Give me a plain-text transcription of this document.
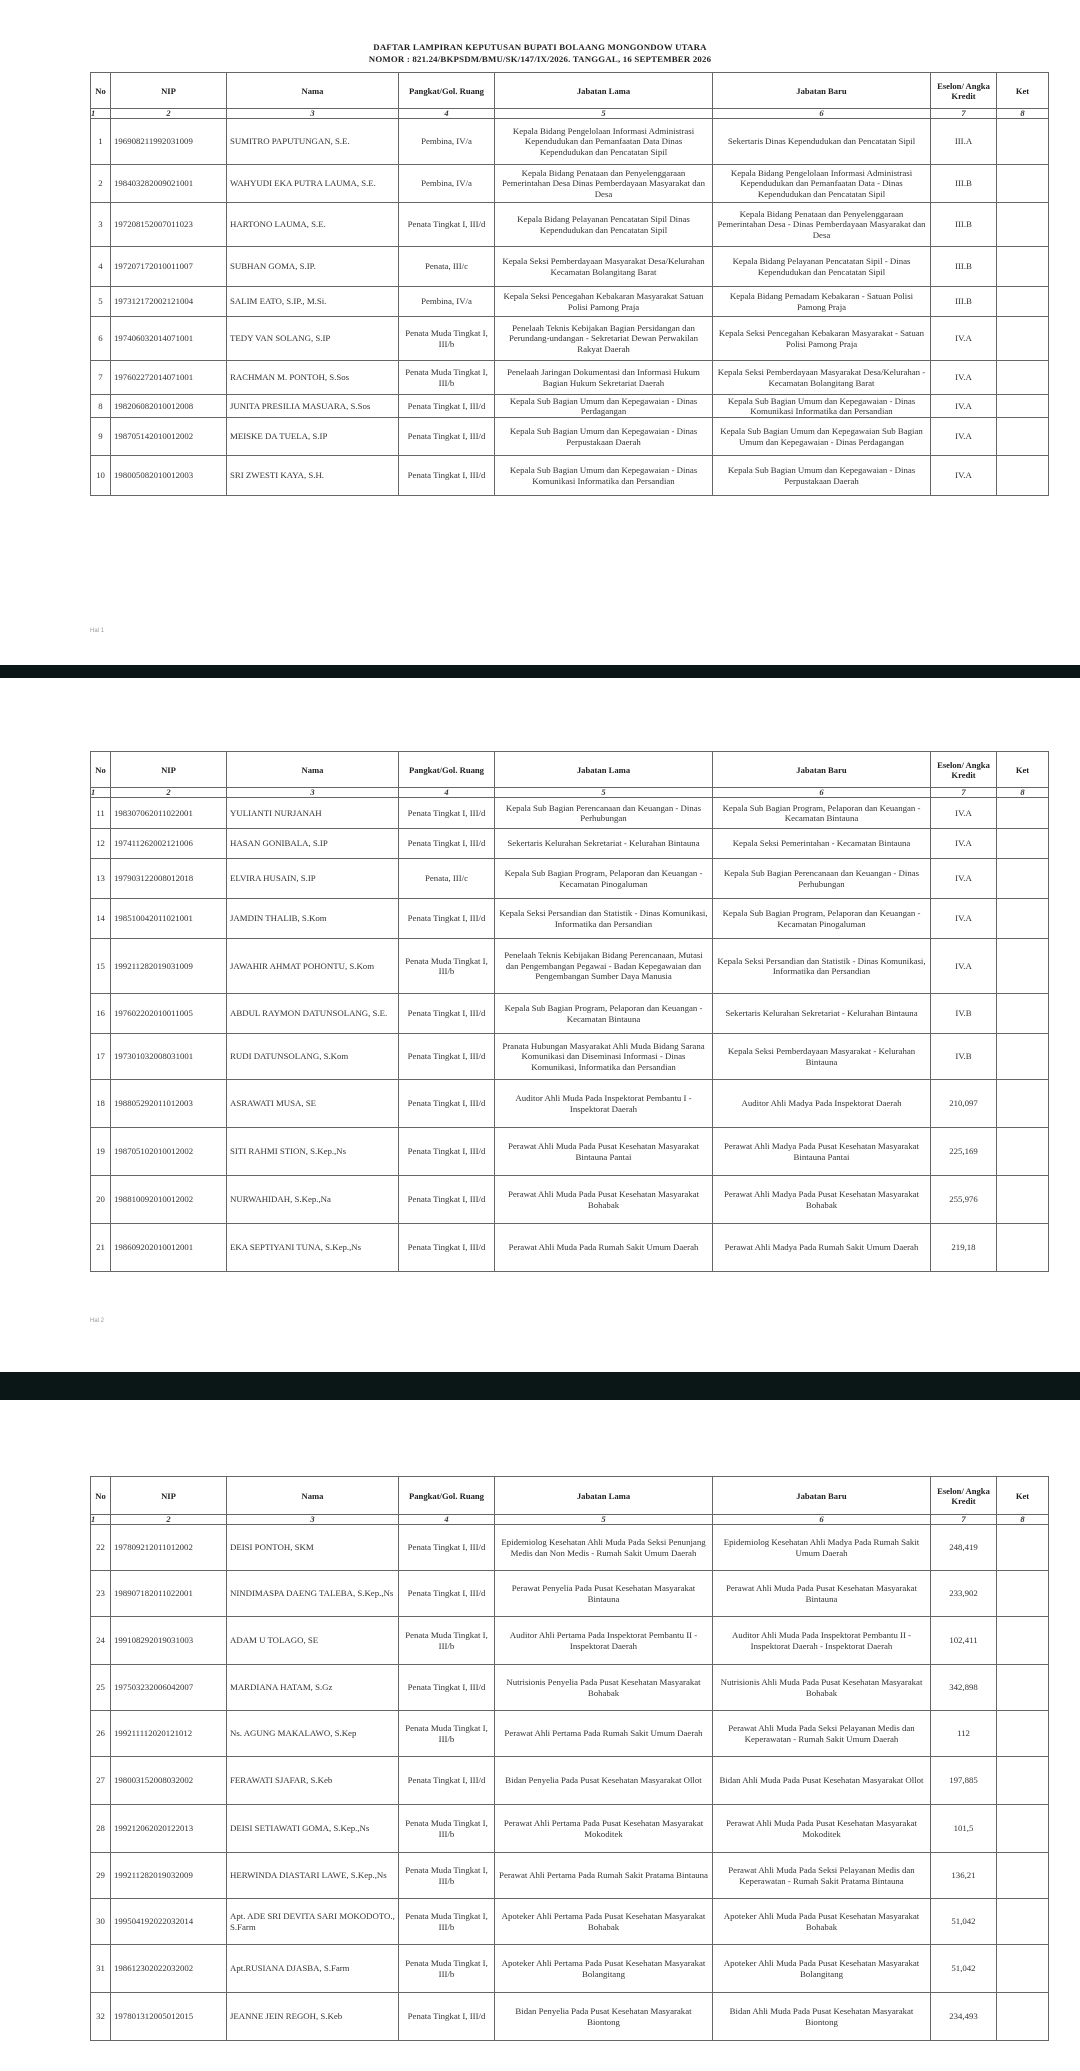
DAFTAR LAMPIRAN KEPUTUSAN BUPATI BOLAANG MONGONDOW UTARA
NOMOR : 821.24/BKPSDM/BMU/SK/147/IX/2026. TANGGAL, 16 SEPTEMBER 2026
No	NIP	Nama	Pangkat/Gol. Ruang	Jabatan Lama	Jabatan Baru	Eselon/ Angka Kredit	Ket
1	2	3	4	5	6	7	8
1	196908211992031009	SUMITRO PAPUTUNGAN, S.E.	Pembina, IV/a	Kepala Bidang Pengelolaan Informasi Administrasi Kependudukan dan Pemanfaatan Data Dinas Kependudukan dan Pencatatan Sipil	Sekertaris Dinas Kependudukan dan Pencatatan Sipil	III.A	
2	198403282009021001	WAHYUDI EKA PUTRA LAUMA, S.E.	Pembina, IV/a	Kepala Bidang Penataan dan Penyelenggaraan Pemerintahan Desa Dinas Pemberdayaan Masyarakat dan Desa	Kepala Bidang Pengelolaan Informasi Administrasi Kependudukan dan Pemanfaatan Data - Dinas Kependudukan dan Pencatatan Sipil	III.B	
3	197208152007011023	HARTONO LAUMA, S.E.	Penata Tingkat I, III/d	Kepala Bidang Pelayanan Pencatatan Sipil Dinas Kependudukan dan Pencatatan Sipil	Kepala Bidang Penataan dan Penyelenggaraan Pemerintahan Desa - Dinas Pemberdayaan Masyarakat dan Desa	III.B	
4	197207172010011007	SUBHAN GOMA, S.IP.	Penata, III/c	Kepala Seksi Pemberdayaan Masyarakat Desa/Kelurahan Kecamatan Bolangitang Barat	Kepala Bidang Pelayanan Pencatatan Sipil - Dinas Kependudukan dan Pencatatan Sipil	III.B	
5	197312172002121004	SALIM EATO, S.IP., M.Si.	Pembina, IV/a	Kepala Seksi Pencegahan Kebakaran Masyarakat Satuan Polisi Pamong Praja	Kepala Bidang Pemadam Kebakaran - Satuan Polisi Pamong Praja	III.B	
6	197406032014071001	TEDY VAN SOLANG, S.IP	Penata Muda Tingkat I, III/b	Penelaah Teknis Kebijakan Bagian Persidangan dan Perundang-undangan - Sekretariat Dewan Perwakilan Rakyat Daerah	Kepala Seksi Pencegahan Kebakaran Masyarakat - Satuan Polisi Pamong Praja	IV.A	
7	197602272014071001	RACHMAN M. PONTOH, S.Sos	Penata Muda Tingkat I, III/b	Penelaah Jaringan Dokumentasi dan Informasi Hukum Bagian Hukum Sekretariat Daerah	Kepala Seksi Pemberdayaan Masyarakat Desa/Kelurahan - Kecamatan Bolangitang Barat	IV.A	
8	198206082010012008	JUNITA PRESILIA MASUARA, S.Sos	Penata Tingkat I, III/d	Kepala Sub Bagian Umum dan Kepegawaian - Dinas Perdagangan	Kepala Sub Bagian Umum dan Kepegawaian - Dinas Komunikasi Informatika dan Persandian	IV.A	
9	198705142010012002	MEISKE DA TUELA, S.IP	Penata Tingkat I, III/d	Kepala Sub Bagian Umum dan Kepegawaian - Dinas Perpustakaan Daerah	Kepala Sub Bagian Umum dan Kepegawaian Sub Bagian Umum dan Kepegawaian - Dinas Perdagangan	IV.A	
10	198005082010012003	SRI ZWESTI KAYA, S.H.	Penata Tingkat I, III/d	Kepala Sub Bagian Umum dan Kepegawaian - Dinas Komunikasi Informatika dan Persandian	Kepala Sub Bagian Umum dan Kepegawaian - Dinas Perpustakaan Daerah	IV.A	
Hal 1
No	NIP	Nama	Pangkat/Gol. Ruang	Jabatan Lama	Jabatan Baru	Eselon/ Angka Kredit	Ket
1	2	3	4	5	6	7	8
11	198307062011022001	YULIANTI NURJANAH	Penata Tingkat I, III/d	Kepala Sub Bagian Perencanaan dan Keuangan - Dinas Perhubungan	Kepala Sub Bagian Program, Pelaporan dan Keuangan - Kecamatan Bintauna	IV.A	
12	197411262002121006	HASAN GONIBALA, S.IP	Penata Tingkat I, III/d	Sekertaris Kelurahan Sekretariat - Kelurahan Bintauna	Kepala Seksi Pemerintahan - Kecamatan Bintauna	IV.A	
13	197903122008012018	ELVIRA HUSAIN, S.IP	Penata, III/c	Kepala Sub Bagian Program, Pelaporan dan Keuangan - Kecamatan Pinogaluman	Kepala Sub Bagian Perencanaan dan Keuangan - Dinas Perhubungan	IV.A	
14	198510042011021001	JAMDIN THALIB, S.Kom	Penata Tingkat I, III/d	Kepala Seksi Persandian dan Statistik - Dinas Komunikasi, Informatika dan Persandian	Kepala Sub Bagian Program, Pelaporan dan Keuangan - Kecamatan Pinogaluman	IV.A	
15	199211282019031009	JAWAHIR AHMAT POHONTU, S.Kom	Penata Muda Tingkat I, III/b	Penelaah Teknis Kebijakan Bidang Perencanaan, Mutasi dan Pengembangan Pegawai - Badan Kepegawaian dan Pengembangan Sumber Daya Manusia	Kepala Seksi Persandian dan Statistik - Dinas Komunikasi, Informatika dan Persandian	IV.A	
16	197602202010011005	ABDUL RAYMON DATUNSOLANG, S.E.	Penata Tingkat I, III/d	Kepala Sub Bagian Program, Pelaporan dan Keuangan - Kecamatan Bintauna	Sekertaris Kelurahan Sekretariat - Kelurahan Bintauna	IV.B	
17	197301032008031001	RUDI DATUNSOLANG, S.Kom	Penata Tingkat I, III/d	Pranata Hubungan Masyarakat Ahli Muda Bidang Sarana Komunikasi dan Diseminasi Informasi - Dinas Komunikasi, Informatika dan Persandian	Kepala Seksi Pemberdayaan Masyarakat - Kelurahan Bintauna	IV.B	
18	198805292011012003	ASRAWATI MUSA, SE	Penata Tingkat I, III/d	Auditor Ahli Muda Pada Inspektorat Pembantu I - Inspektorat Daerah	Auditor Ahli Madya Pada Inspektorat Daerah	210,097	
19	198705102010012002	SITI RAHMI STION, S.Kep.,Ns	Penata Tingkat I, III/d	Perawat Ahli Muda Pada Pusat Kesehatan Masyarakat Bintauna Pantai	Perawat Ahli Madya Pada Pusat Kesehatan Masyarakat Bintauna Pantai	225,169	
20	198810092010012002	NURWAHIDAH, S.Kep.,Na	Penata Tingkat I, III/d	Perawat Ahli Muda Pada Pusat Kesehatan Masyarakat Bohabak	Perawat Ahli Madya Pada Pusat Kesehatan Masyarakat Bohabak	255,976	
21	198609202010012001	EKA SEPTIYANI TUNA, S.Kep.,Ns	Penata Tingkat I, III/d	Perawat Ahli Muda Pada Rumah Sakit Umum Daerah	Perawat Ahli Madya Pada Rumah Sakit Umum Daerah	219,18	
Hal 2
No	NIP	Nama	Pangkat/Gol. Ruang	Jabatan Lama	Jabatan Baru	Eselon/ Angka Kredit	Ket
1	2	3	4	5	6	7	8
22	197809212011012002	DEISI PONTOH, SKM	Penata Tingkat I, III/d	Epidemiolog Kesehatan Ahli Muda Pada Seksi Penunjang Medis dan Non Medis - Rumah Sakit Umum Daerah	Epidemiolog Kesehatan Ahli Madya Pada Rumah Sakit Umum Daerah	248,419	
23	198907182011022001	NINDIMASPA DAENG TALEBA, S.Kep.,Ns	Penata Tingkat I, III/d	Perawat Penyelia Pada Pusat Kesehatan Masyarakat Bintauna	Perawat Ahli Muda Pada Pusat Kesehatan Masyarakat Bintauna	233,902	
24	199108292019031003	ADAM U TOLAGO, SE	Penata Muda Tingkat I, III/b	Auditor Ahli Pertama Pada Inspektorat Pembantu II - Inspektorat Daerah	Auditor Ahli Muda Pada Inspektorat Pembantu II - Inspektorat Daerah - Inspektorat Daerah	102,411	
25	197503232006042007	MARDIANA HATAM, S.Gz	Penata Tingkat I, III/d	Nutrisionis Penyelia Pada Pusat Kesehatan Masyarakat Bohabak	Nutrisionis Ahli Muda Pada Pusat Kesehatan Masyarakat Bohabak	342,898	
26	199211112020121012	Ns. AGUNG MAKALAWO, S.Kep	Penata Muda Tingkat I, III/b	Perawat Ahli Pertama Pada Rumah Sakit Umum Daerah	Perawat Ahli Muda Pada Seksi Pelayanan Medis dan Keperawatan - Rumah Sakit Umum Daerah	112	
27	198003152008032002	FERAWATI SJAFAR, S.Keb	Penata Tingkat I, III/d	Bidan Penyelia Pada Pusat Kesehatan Masyarakat Ollot	Bidan Ahli Muda Pada Pusat Kesehatan Masyarakat Ollot	197,885	
28	199212062020122013	DEISI SETIAWATI GOMA, S.Kep.,Ns	Penata Muda Tingkat I, III/b	Perawat Ahli Pertama Pada Pusat Kesehatan Masyarakat Mokoditek	Perawat Ahli Muda Pada Pusat Kesehatan Masyarakat Mokoditek	101,5	
29	199211282019032009	HERWINDA DIASTARI LAWE, S.Kep.,Ns	Penata Muda Tingkat I, III/b	Perawat Ahli Pertama Pada Rumah Sakit Pratama Bintauna	Perawat Ahli Muda Pada Seksi Pelayanan Medis dan Keperawatan - Rumah Sakit Pratama Bintauna	136,21	
30	199504192022032014	Apt. ADE SRI DEVITA SARI MOKODOTO., S.Farm	Penata Muda Tingkat I, III/b	Apoteker Ahli Pertama Pada Pusat Kesehatan Masyarakat Bohabak	Apoteker Ahli Muda Pada Pusat Kesehatan Masyarakat Bohabak	51,042	
31	198612302022032002	Apt.RUSIANA DJASBA, S.Farm	Penata Muda Tingkat I, III/b	Apoteker Ahli Pertama Pada Pusat Kesehatan Masyarakat Bolangitang	Apoteker Ahli Muda Pada Pusat Kesehatan Masyarakat Bolangitang	51,042	
32	197801312005012015	JEANNE JEIN REGOH, S.Keb	Penata Tingkat I, III/d	Bidan Penyelia Pada Pusat Kesehatan Masyarakat Biontong	Bidan Ahli Muda Pada Pusat Kesehatan Masyarakat Biontong	234,493	
